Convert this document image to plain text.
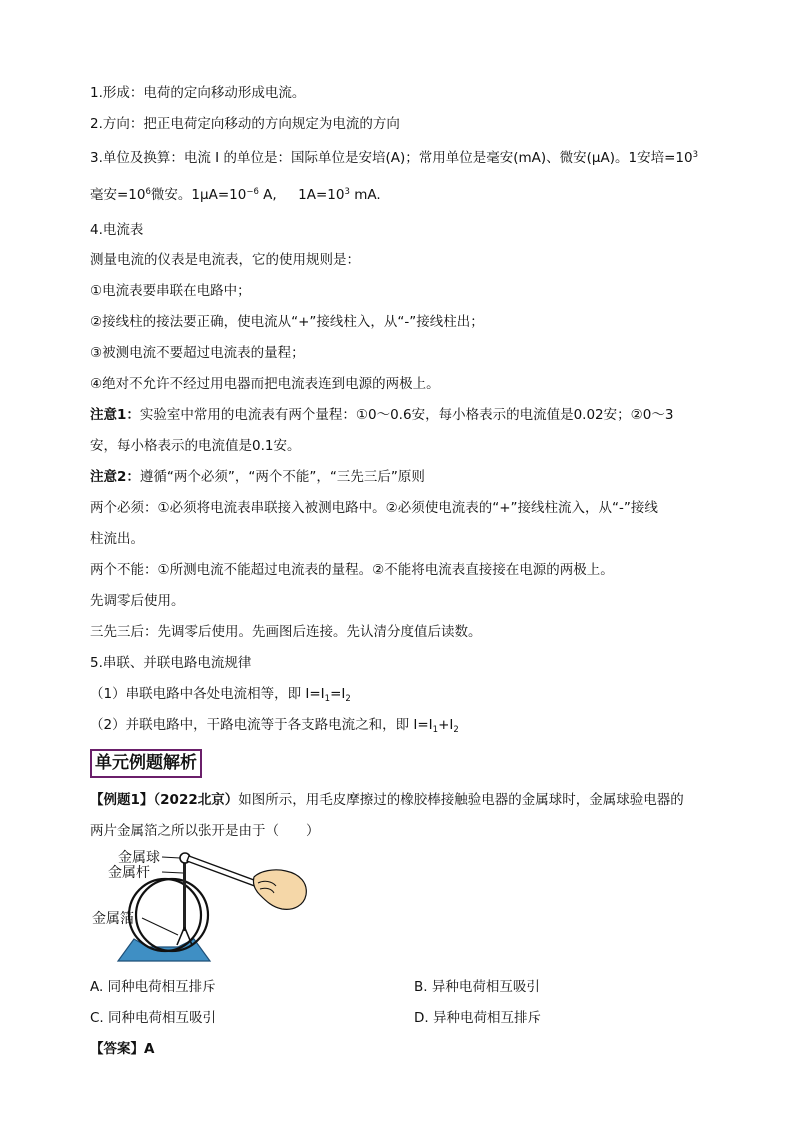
1.形成：电荷的定向移动形成电流。
2.方向：把正电荷定向移动的方向规定为电流的方向
3.单位及换算：电流 I 的单位是：国际单位是安培(A)；常用单位是毫安(mA)、微安(μA)。1安培$=10^3$
毫安$=10^6$微安。$1\mu A=10^{-6}$ A, $1A=10^3$ mA.
4.电流表
测量电流的仪表是电流表，它的使用规则是：
①电流表要串联在电路中；
②接线柱的接法要正确，使电流从“+”接线柱入，从“-”接线柱出；
③被测电流不要超过电流表的量程；
④绝对不允许不经过用电器而把电流表连到电源的两极上。
注意1：实验室中常用的电流表有两个量程：①0～0.6安，每小格表示的电流值是0.02安；②0～3
安，每小格表示的电流值是0.1安。
注意2：遵循“两个必须”，“两个不能”，“三先三后”原则
两个必须：①必须将电流表串联接入被测电路中。②必须使电流表的“+”接线柱流入，从“-”接线
柱流出。
两个不能：①所测电流不能超过电流表的量程。②不能将电流表直接接在电源的两极上。
先调零后使用。
三先三后：先调零后使用。先画图后连接。先认清分度值后读数。
5.串联、并联电路电流规律
（1）串联电路中各处电流相等，即 $I=I_1=I_2$
（2）并联电路中，干路电流等于各支路电流之和，即 $I=I_1+I_2$
单元例题解析
【例题1】（2022北京）如图所示，用毛皮摩擦过的橡胶棒接触验电器的金属球时，金属球验电器的
两片金属箔之所以张开是由于（　　）
金属球
金属杆
金属箔
A. 同种电荷相互排斥	B. 异种电荷相互吸引
C. 同种电荷相互吸引	D. 异种电荷相互排斥
【答案】A
